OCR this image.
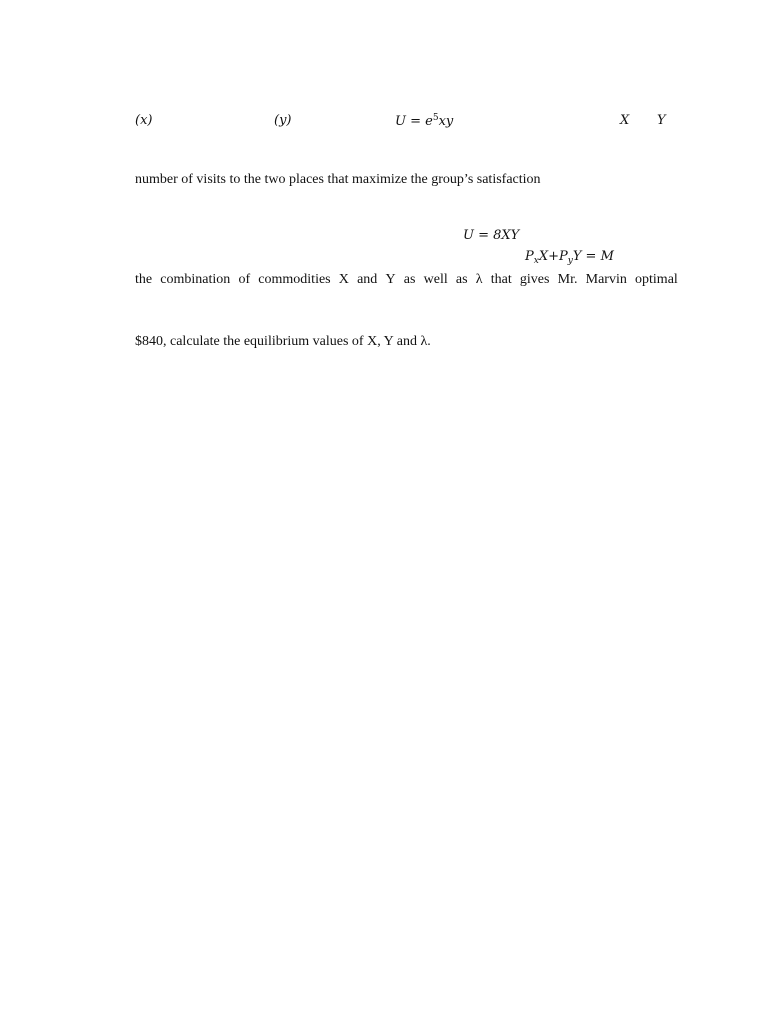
(x)	(y)	$U = e^5xy$	X Y
number of visits to the two places that maximize the group’s satisfaction
U = 8XY
$P_xX+P_yY = M$
the combination of commodities X and Y as well as λ that gives Mr. Marvin optimal
$840, calculate the equilibrium values of X, Y and λ.
